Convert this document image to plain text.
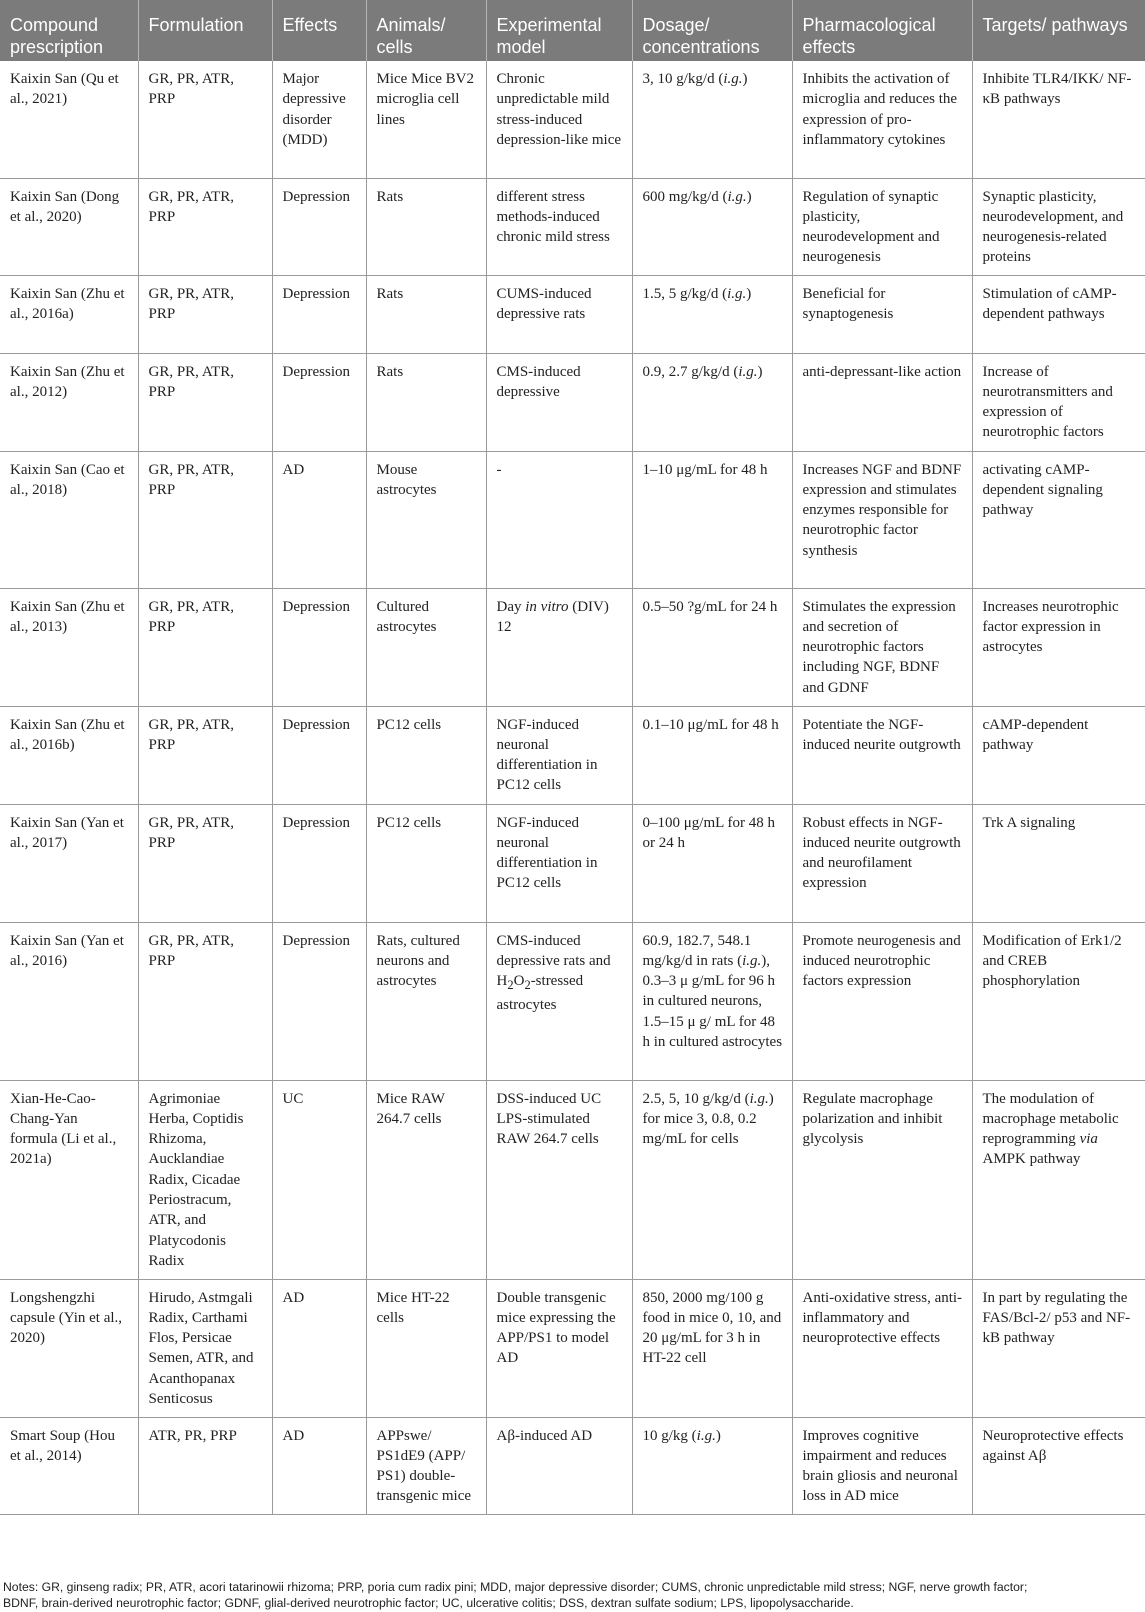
Compound prescription	Formulation	Effects	Animals/ cells	Experimental model	Dosage/ concentrations	Pharmacological effects	Targets/ pathways
Kaixin San (Qu et al., 2021)	GR, PR, ATR, PRP	Major depressive disorder (MDD)	Mice Mice BV2 microglia cell lines	Chronic unpredictable mild stress-induced depression-like mice	3, 10 g/kg/d (i.g.)	Inhibits the activation of microglia and reduces the expression of pro-inflammatory cytokines	Inhibite TLR4/IKK/ NF-κB pathways
Kaixin San (Dong et al., 2020)	GR, PR, ATR, PRP	Depression	Rats	different stress methods-induced chronic mild stress	600 mg/kg/d (i.g.)	Regulation of synaptic plasticity, neurodevelopment and neurogenesis	Synaptic plasticity, neurodevelopment, and neurogenesis-related proteins
Kaixin San (Zhu et al., 2016a)	GR, PR, ATR, PRP	Depression	Rats	CUMS-induced depressive rats	1.5, 5 g/kg/d (i.g.)	Beneficial for synaptogenesis	Stimulation of cAMP-dependent pathways
Kaixin San (Zhu et al., 2012)	GR, PR, ATR, PRP	Depression	Rats	CMS-induced depressive	0.9, 2.7 g/kg/d (i.g.)	anti-depressant-like action	Increase of neurotransmitters and expression of neurotrophic factors
Kaixin San (Cao et al., 2018)	GR, PR, ATR, PRP	AD	Mouse astrocytes	-	1–10 μg/mL for 48 h	Increases NGF and BDNF expression and stimulates enzymes responsible for neurotrophic factor synthesis	activating cAMP-dependent signaling pathway
Kaixin San (Zhu et al., 2013)	GR, PR, ATR, PRP	Depression	Cultured astrocytes	Day in vitro (DIV) 12	0.5–50 ?g/mL for 24 h	Stimulates the expression and secretion of neurotrophic factors including NGF, BDNF and GDNF	Increases neurotrophic factor expression in astrocytes
Kaixin San (Zhu et al., 2016b)	GR, PR, ATR, PRP	Depression	PC12 cells	NGF-induced neuronal differentiation in PC12 cells	0.1–10 μg/mL for 48 h	Potentiate the NGF-induced neurite outgrowth	cAMP-dependent pathway
Kaixin San (Yan et al., 2017)	GR, PR, ATR, PRP	Depression	PC12 cells	NGF-induced neuronal differentiation in PC12 cells	0–100 μg/mL for 48 h or 24 h	Robust effects in NGF-induced neurite outgrowth and neurofilament expression	Trk A signaling
Kaixin San (Yan et al., 2016)	GR, PR, ATR, PRP	Depression	Rats, cultured neurons and astrocytes	CMS-induced depressive rats and $H_2O_2$-stressed astrocytes	60.9, 182.7, 548.1 mg/kg/d in rats (i.g.), 0.3–3 μ g/mL for 96 h in cultured neurons, 1.5–15 μ g/ mL for 48 h in cultured astrocytes	Promote neurogenesis and induced neurotrophic factors expression	Modification of Erk1/2 and CREB phosphorylation
Xian-He-Cao-Chang-Yan formula (Li et al., 2021a)	Agrimoniae Herba, Coptidis Rhizoma, Aucklandiae Radix, Cicadae Periostracum, ATR, and Platycodonis Radix	UC	Mice RAW 264.7 cells	DSS-induced UC LPS-stimulated RAW 264.7 cells	2.5, 5, 10 g/kg/d (i.g.) for mice 3, 0.8, 0.2 mg/mL for cells	Regulate macrophage polarization and inhibit glycolysis	The modulation of macrophage metabolic reprogramming via AMPK pathway
Longshengzhi capsule (Yin et al., 2020)	Hirudo, Astmgali Radix, Carthami Flos, Persicae Semen, ATR, and Acanthopanax Senticosus	AD	Mice HT-22 cells	Double transgenic mice expressing the APP/PS1 to model AD	850, 2000 mg/100 g food in mice 0, 10, and 20 μg/mL for 3 h in HT-22 cell	Anti-oxidative stress, anti-inflammatory and neuroprotective effects	In part by regulating the FAS/Bcl-2/ p53 and NF-kB pathway
Smart Soup (Hou et al., 2014)	ATR, PR, PRP	AD	APPswe/ PS1dE9 (APP/ PS1) double-transgenic mice	Aβ-induced AD	10 g/kg (i.g.)	Improves cognitive impairment and reduces brain gliosis and neuronal loss in AD mice	Neuroprotective effects against Aβ
Notes: GR, ginseng radix; PR, ATR, acori tatarinowii rhizoma; PRP, poria cum radix pini; MDD, major depressive disorder; CUMS, chronic unpredictable mild stress; NGF, nerve growth factor;
BDNF, brain-derived neurotrophic factor; GDNF, glial-derived neurotrophic factor; UC, ulcerative colitis; DSS, dextran sulfate sodium; LPS, lipopolysaccharide.
